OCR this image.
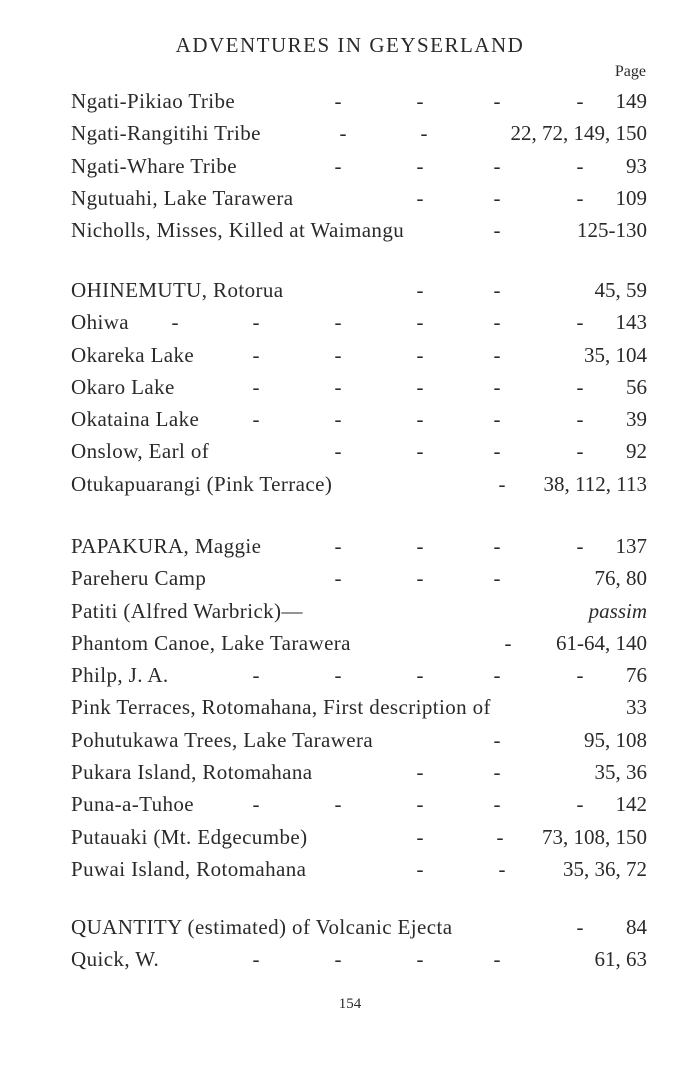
ADVENTURES IN GEYSERLAND
Page
Ngati-Pikiao Tribe	-	-	-	- 149
Ngati-Rangitihi Tribe	-	-	22, 72, 149, 150
Ngati-Whare Tribe	-	-	-	- 93
Ngutuahi, Lake Tarawera	-	-	- 109
Nicholls, Misses, Killed at Waimangu	-	125-130
OHINEMUTU, Rotorua	-	-	45, 59
Ohiwa -	-	-	-	-	- 143
Okareka Lake	-	-	-	-	35, 104
Okaro Lake	-	-	-	-	- 56
Okataina Lake	-	-	-	-	- 39
Onslow, Earl of	-	-	-	- 92
Otukapuarangi (Pink Terrace)	- 38, 112, 113
PAPAKURA, Maggie	-	-	-	- 137
Pareheru Camp	-	-	-	76, 80
Patiti (Alfred Warbrick)—	passim
Phantom Canoe, Lake Tarawera	- 61-64, 140
Philp, J. A.	-	-	-	-	- 76
Pink Terraces, Rotomahana, First description of	33
Pohutukawa Trees, Lake Tarawera	-	95, 108
Pukara Island, Rotomahana	-	-	35, 36
Puna-a-Tuhoe	-	-	-	-	- 142
Putauaki (Mt. Edgecumbe)	-	- 73, 108, 150
Puwai Island, Rotomahana	-	-	35, 36, 72
QUANTITY (estimated) of Volcanic Ejecta	- 84
Quick, W.	-	-	-	-	61, 63
154
